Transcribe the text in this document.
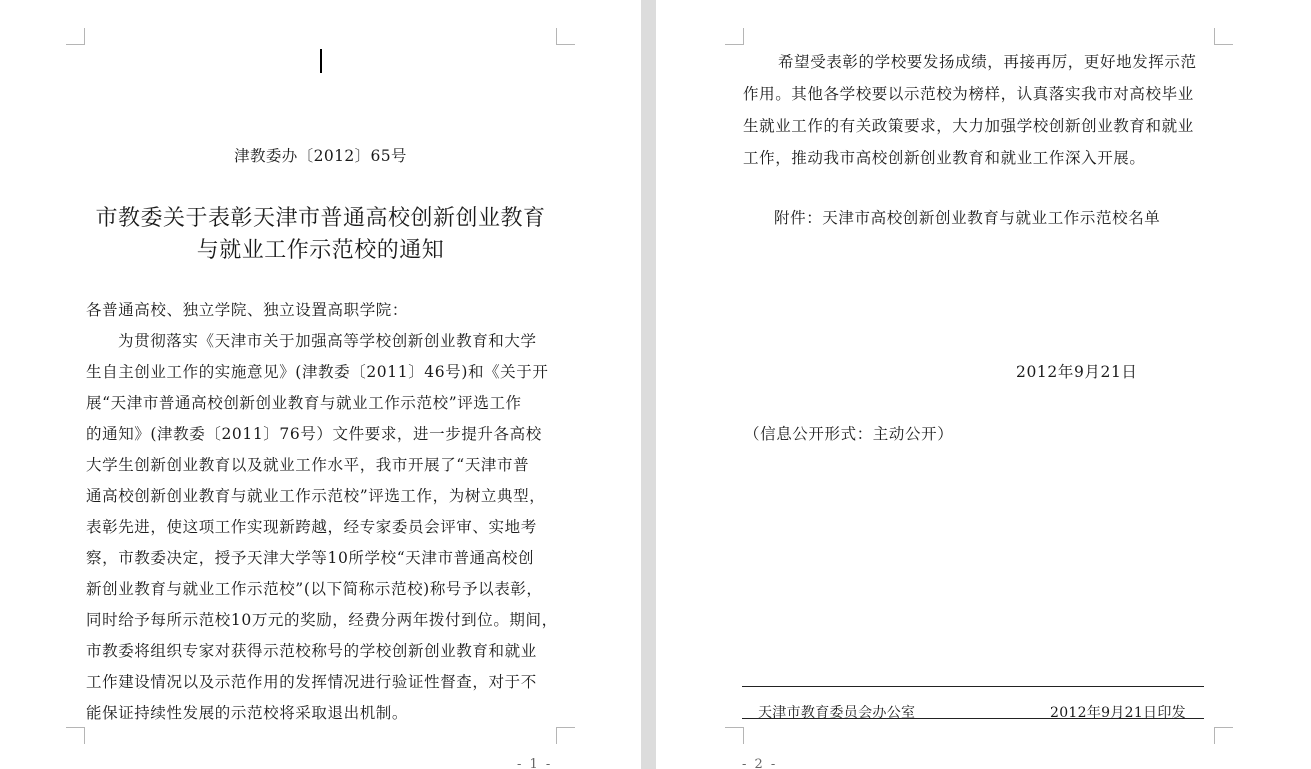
津教委办〔2012〕65号
市教委关于表彰天津市普通高校创新创业教育
与就业工作示范校的通知
各普通高校、独立学院、独立设置高职学院：
为贯彻落实《天津市关于加强高等学校创新创业教育和大学
生自主创业工作的实施意见》(津教委〔2011〕46号)和《关于开
展“天津市普通高校创新创业教育与就业工作示范校”评选工作
的通知》(津教委〔2011〕76号）文件要求，进一步提升各高校
大学生创新创业教育以及就业工作水平，我市开展了“天津市普
通高校创新创业教育与就业工作示范校”评选工作，为树立典型，
表彰先进，使这项工作实现新跨越，经专家委员会评审、实地考
察，市教委决定，授予天津大学等10所学校“天津市普通高校创
新创业教育与就业工作示范校”(以下简称示范校)称号予以表彰，
同时给予每所示范校10万元的奖励，经费分两年拨付到位。期间，
市教委将组织专家对获得示范校称号的学校创新创业教育和就业
工作建设情况以及示范作用的发挥情况进行验证性督查，对于不
能保证持续性发展的示范校将采取退出机制。
- 1 -
希望受表彰的学校要发扬成绩，再接再厉，更好地发挥示范
作用。其他各学校要以示范校为榜样，认真落实我市对高校毕业
生就业工作的有关政策要求，大力加强学校创新创业教育和就业
工作，推动我市高校创新创业教育和就业工作深入开展。
附件：天津市高校创新创业教育与就业工作示范校名单
2012年9月21日
（信息公开形式：主动公开）
天津市教育委员会办公室	2012年9月21日印发
- 2 -
